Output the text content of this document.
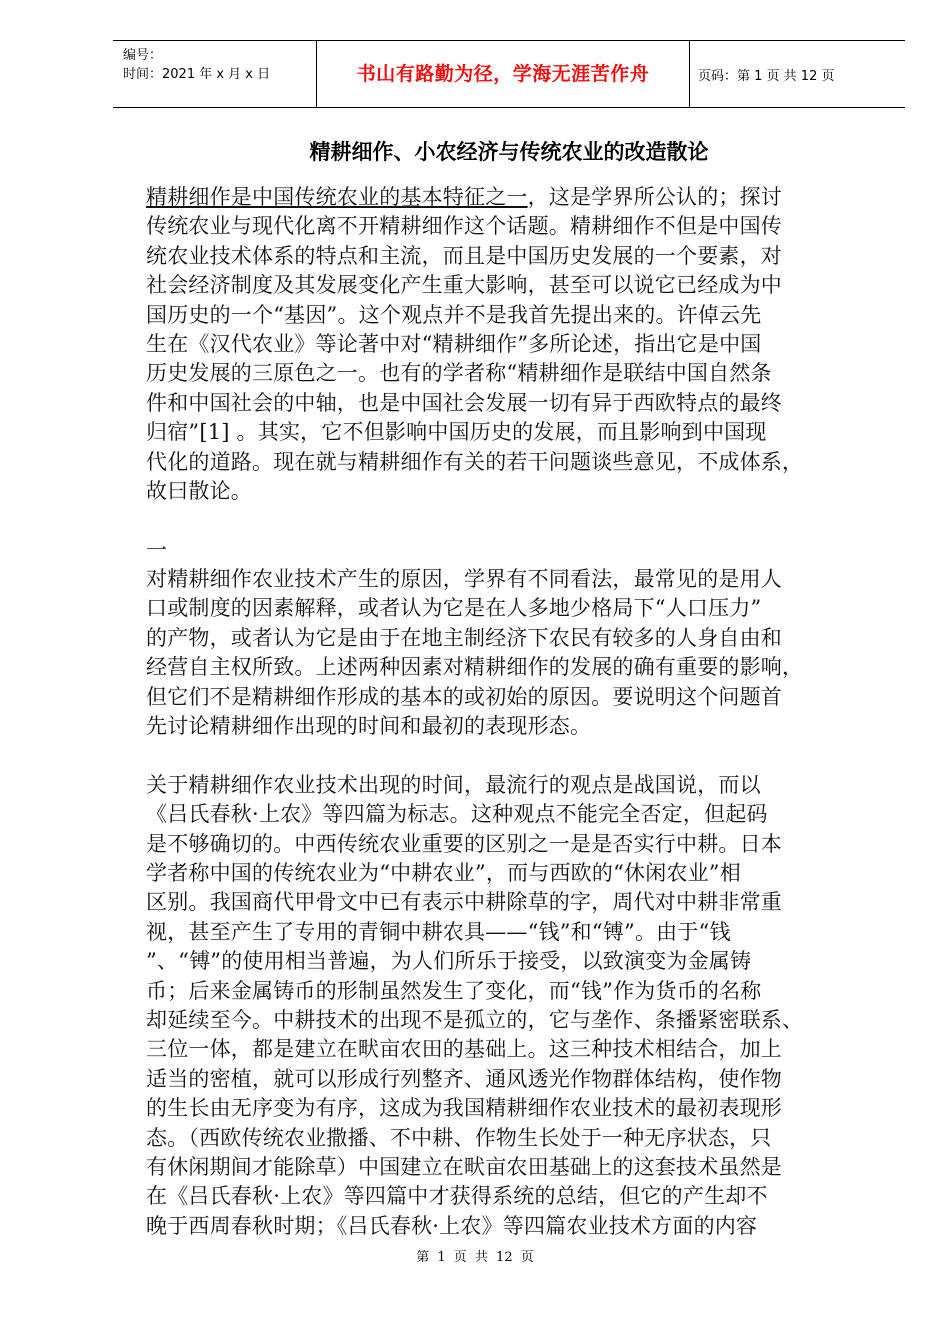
编号：
时间：2021 年 x 月 x 日	书山有路勤为径，学海无涯苦作舟	页码：第 1 页 共 12 页
精耕细作、小农经济与传统农业的改造散论
精耕细作是中国传统农业的基本特征之一，这是学界所公认的；探讨
传统农业与现代化离不开精耕细作这个话题。精耕细作不但是中国传
统农业技术体系的特点和主流，而且是中国历史发展的一个要素，对
社会经济制度及其发展变化产生重大影响，甚至可以说它已经成为中
国历史的一个“基因”。这个观点并不是我首先提出来的。许倬云先
生在《汉代农业》等论著中对“精耕细作”多所论述，指出它是中国
历史发展的三原色之一。也有的学者称“精耕细作是联结中国自然条
件和中国社会的中轴，也是中国社会发展一切有异于西欧特点的最终
归宿”[1] 。其实，它不但影响中国历史的发展，而且影响到中国现
代化的道路。现在就与精耕细作有关的若干问题谈些意见，不成体系，
故曰散论。
一
对精耕细作农业技术产生的原因，学界有不同看法，最常见的是用人
口或制度的因素解释，或者认为它是在人多地少格局下“人口压力”
的产物，或者认为它是由于在地主制经济下农民有较多的人身自由和
经营自主权所致。上述两种因素对精耕细作的发展的确有重要的影响，
但它们不是精耕细作形成的基本的或初始的原因。要说明这个问题首
先讨论精耕细作出现的时间和最初的表现形态。
关于精耕细作农业技术出现的时间，最流行的观点是战国说，而以
《吕氏春秋·上农》等四篇为标志。这种观点不能完全否定，但起码
是不够确切的。中西传统农业重要的区别之一是是否实行中耕。日本
学者称中国的传统农业为“中耕农业”，而与西欧的“休闲农业”相
区别。我国商代甲骨文中已有表示中耕除草的字，周代对中耕非常重
视，甚至产生了专用的青铜中耕农具——“钱”和“镈”。由于“钱
”、“镈”的使用相当普遍，为人们所乐于接受，以致演变为金属铸
币；后来金属铸币的形制虽然发生了变化，而“钱”作为货币的名称
却延续至今。中耕技术的出现不是孤立的，它与垄作、条播紧密联系、
三位一体，都是建立在畎亩农田的基础上。这三种技术相结合，加上
适当的密植，就可以形成行列整齐、通风透光作物群体结构，使作物
的生长由无序变为有序，这成为我国精耕细作农业技术的最初表现形
态。（西欧传统农业撒播、不中耕、作物生长处于一种无序状态，只
有休闲期间才能除草）中国建立在畎亩农田基础上的这套技术虽然是
在《吕氏春秋·上农》等四篇中才获得系统的总结，但它的产生却不
晚于西周春秋时期；《吕氏春秋·上农》等四篇农业技术方面的内容
第 1 页 共 12 页
